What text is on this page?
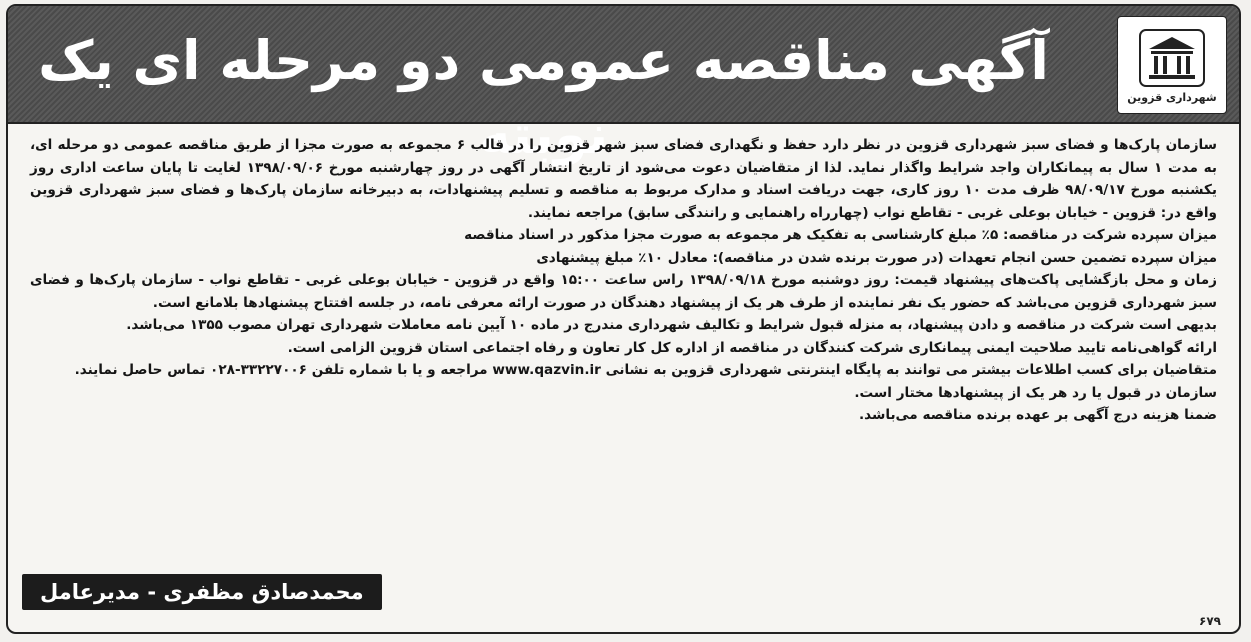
آگهی مناقصه عمومی دو مرحله ای یک نوبته
شهرداری قزوین

سازمان پارک‌ها و فضای سبز شهرداری قزوین در نظر دارد حفظ و نگهداری فضای سبز شهر قزوین را در قالب ۶ مجموعه به صورت مجزا از طریق مناقصه عمومی دو مرحله ای، به مدت ۱ سال به پیمانکاران واجد شرایط واگذار نماید. لذا از متقاضیان دعوت می‌شود از تاریخ انتشار آگهی در روز چهارشنبه مورخ ۱۳۹۸/۰۹/۰۶ لغایت تا پایان ساعت اداری روز یکشنبه مورخ ۹۸/۰۹/۱۷ ظرف مدت ۱۰ روز کاری، جهت دریافت اسناد و مدارک مربوط به مناقصه و تسلیم پیشنهادات، به دبیرخانه سازمان پارک‌ها و فضای سبز شهرداری قزوین واقع در: قزوین - خیابان بوعلی غربی - تقاطع نواب (چهارراه راهنمایی و رانندگی سابق) مراجعه نمایند.

میزان سپرده شرکت در مناقصه: ۵٪ مبلغ کارشناسی به تفکیک هر مجموعه به صورت مجزا مذکور در اسناد مناقصه

میزان سپرده تضمین حسن انجام تعهدات (در صورت برنده شدن در مناقصه): معادل ۱۰٪ مبلغ پیشنهادی

زمان و محل بازگشایی پاکت‌های پیشنهاد قیمت: روز دوشنبه مورخ ۱۳۹۸/۰۹/۱۸ راس ساعت ۱۵:۰۰ واقع در قزوین - خیابان بوعلی غربی - تقاطع نواب - سازمان پارک‌ها و فضای سبز شهرداری قزوین می‌باشد که حضور یک نفر نماینده از طرف هر یک از پیشنهاد دهندگان در صورت ارائه معرفی نامه، در جلسه افتتاح پیشنهادها بلامانع است.

بدیهی است شرکت در مناقصه و دادن پیشنهاد، به منزله قبول شرایط و تکالیف شهرداری مندرج در ماده ۱۰ آیین نامه معاملات شهرداری تهران مصوب ۱۳۵۵ می‌باشد.

ارائه گواهی‌نامه تایید صلاحیت ایمنی پیمانکاری شرکت کنندگان در مناقصه از اداره کل کار تعاون و رفاه اجتماعی استان قزوین الزامی است.

متقاضیان برای کسب اطلاعات بیشتر می توانند به پایگاه اینترنتی شهرداری قزوین به نشانی www.qazvin.ir مراجعه و یا با شماره تلفن ۳۳۲۲۷۰۰۶-۰۲۸ تماس حاصل نمایند.

سازمان در قبول یا رد هر یک از پیشنهادها مختار است.

ضمنا هزینه درج آگهی بر عهده برنده مناقصه می‌باشد.

محمدصادق مظفری - مدیرعامل
۶۷۹
